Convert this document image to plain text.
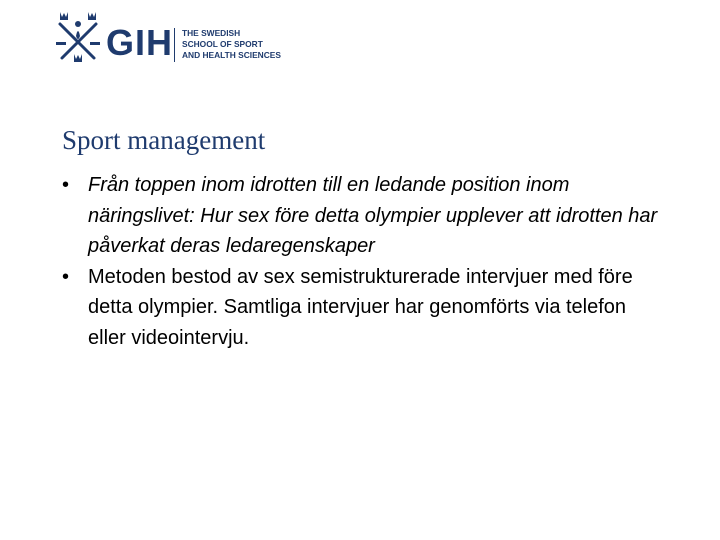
GIH THE SWEDISH
SCHOOL OF SPORT
AND HEALTH SCIENCES
Sport management
• Från toppen inom idrotten till en ledande position inom näringslivet: Hur sex före detta olympier upplever att idrotten har påverkat deras ledaregenskaper
• Metoden bestod av sex semistrukturerade intervjuer med före detta olympier. Samtliga intervjuer har genomförts via telefon eller videointervju.
